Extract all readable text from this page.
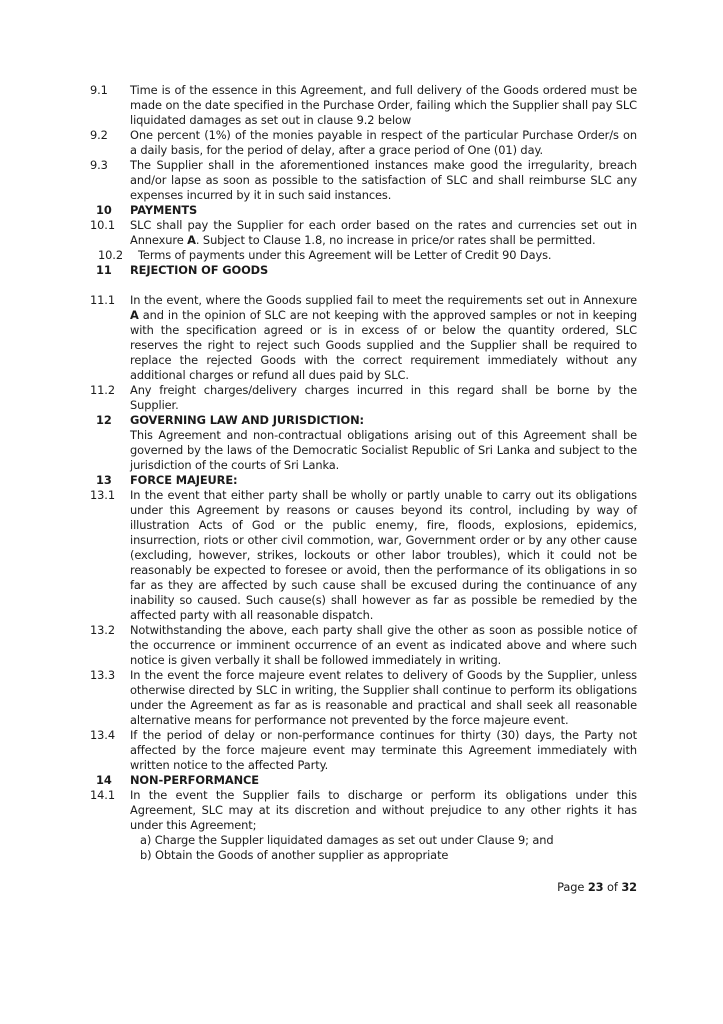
9.1	Time is of the essence in this Agreement, and full delivery of the Goods ordered must be made on the date specified in the Purchase Order, failing which the Supplier shall pay SLC liquidated damages as set out in clause 9.2 below
9.2	One percent (1%) of the monies payable in respect of the particular Purchase Order/s on a daily basis, for the period of delay, after a grace period of One (01) day.
9.3	The Supplier shall in the aforementioned instances make good the irregularity, breach and/or lapse as soon as possible to the satisfaction of SLC and shall reimburse SLC any expenses incurred by it in such said instances.
10	PAYMENTS
10.1	SLC shall pay the Supplier for each order based on the rates and currencies set out in Annexure A. Subject to Clause 1.8, no increase in price/or rates shall be permitted.
10.2	Terms of payments under this Agreement will be Letter of Credit 90 Days.
11	REJECTION OF GOODS
11.1	In the event, where the Goods supplied fail to meet the requirements set out in Annexure A and in the opinion of SLC are not keeping with the approved samples or not in keeping with the specification agreed or is in excess of or below the quantity ordered, SLC reserves the right to reject such Goods supplied and the Supplier shall be required to replace the rejected Goods with the correct requirement immediately without any additional charges or refund all dues paid by SLC.
11.2	Any freight charges/delivery charges incurred in this regard shall be borne by the Supplier.
12	GOVERNING LAW AND JURISDICTION:
This Agreement and non-contractual obligations arising out of this Agreement shall be governed by the laws of the Democratic Socialist Republic of Sri Lanka and subject to the jurisdiction of the courts of Sri Lanka.
13	FORCE MAJEURE:
13.1	In the event that either party shall be wholly or partly unable to carry out its obligations under this Agreement by reasons or causes beyond its control, including by way of illustration Acts of God or the public enemy, fire, floods, explosions, epidemics, insurrection, riots or other civil commotion, war, Government order or by any other cause (excluding, however, strikes, lockouts or other labor troubles), which it could not be reasonably be expected to foresee or avoid, then the performance of its obligations in so far as they are affected by such cause shall be excused during the continuance of any inability so caused. Such cause(s) shall however as far as possible be remedied by the affected party with all reasonable dispatch.
13.2	Notwithstanding the above, each party shall give the other as soon as possible notice of the occurrence or imminent occurrence of an event as indicated above and where such notice is given verbally it shall be followed immediately in writing.
13.3	In the event the force majeure event relates to delivery of Goods by the Supplier, unless otherwise directed by SLC in writing, the Supplier shall continue to perform its obligations under the Agreement as far as is reasonable and practical and shall seek all reasonable alternative means for performance not prevented by the force majeure event.
13.4	If the period of delay or non-performance continues for thirty (30) days, the Party not affected by the force majeure event may terminate this Agreement immediately with written notice to the affected Party.
14	NON-PERFORMANCE
14.1	In the event the Supplier fails to discharge or perform its obligations under this Agreement, SLC may at its discretion and without prejudice to any other rights it has under this Agreement;
a) Charge the Suppler liquidated damages as set out under Clause 9; and
b) Obtain the Goods of another supplier as appropriate
Page 23 of 32
